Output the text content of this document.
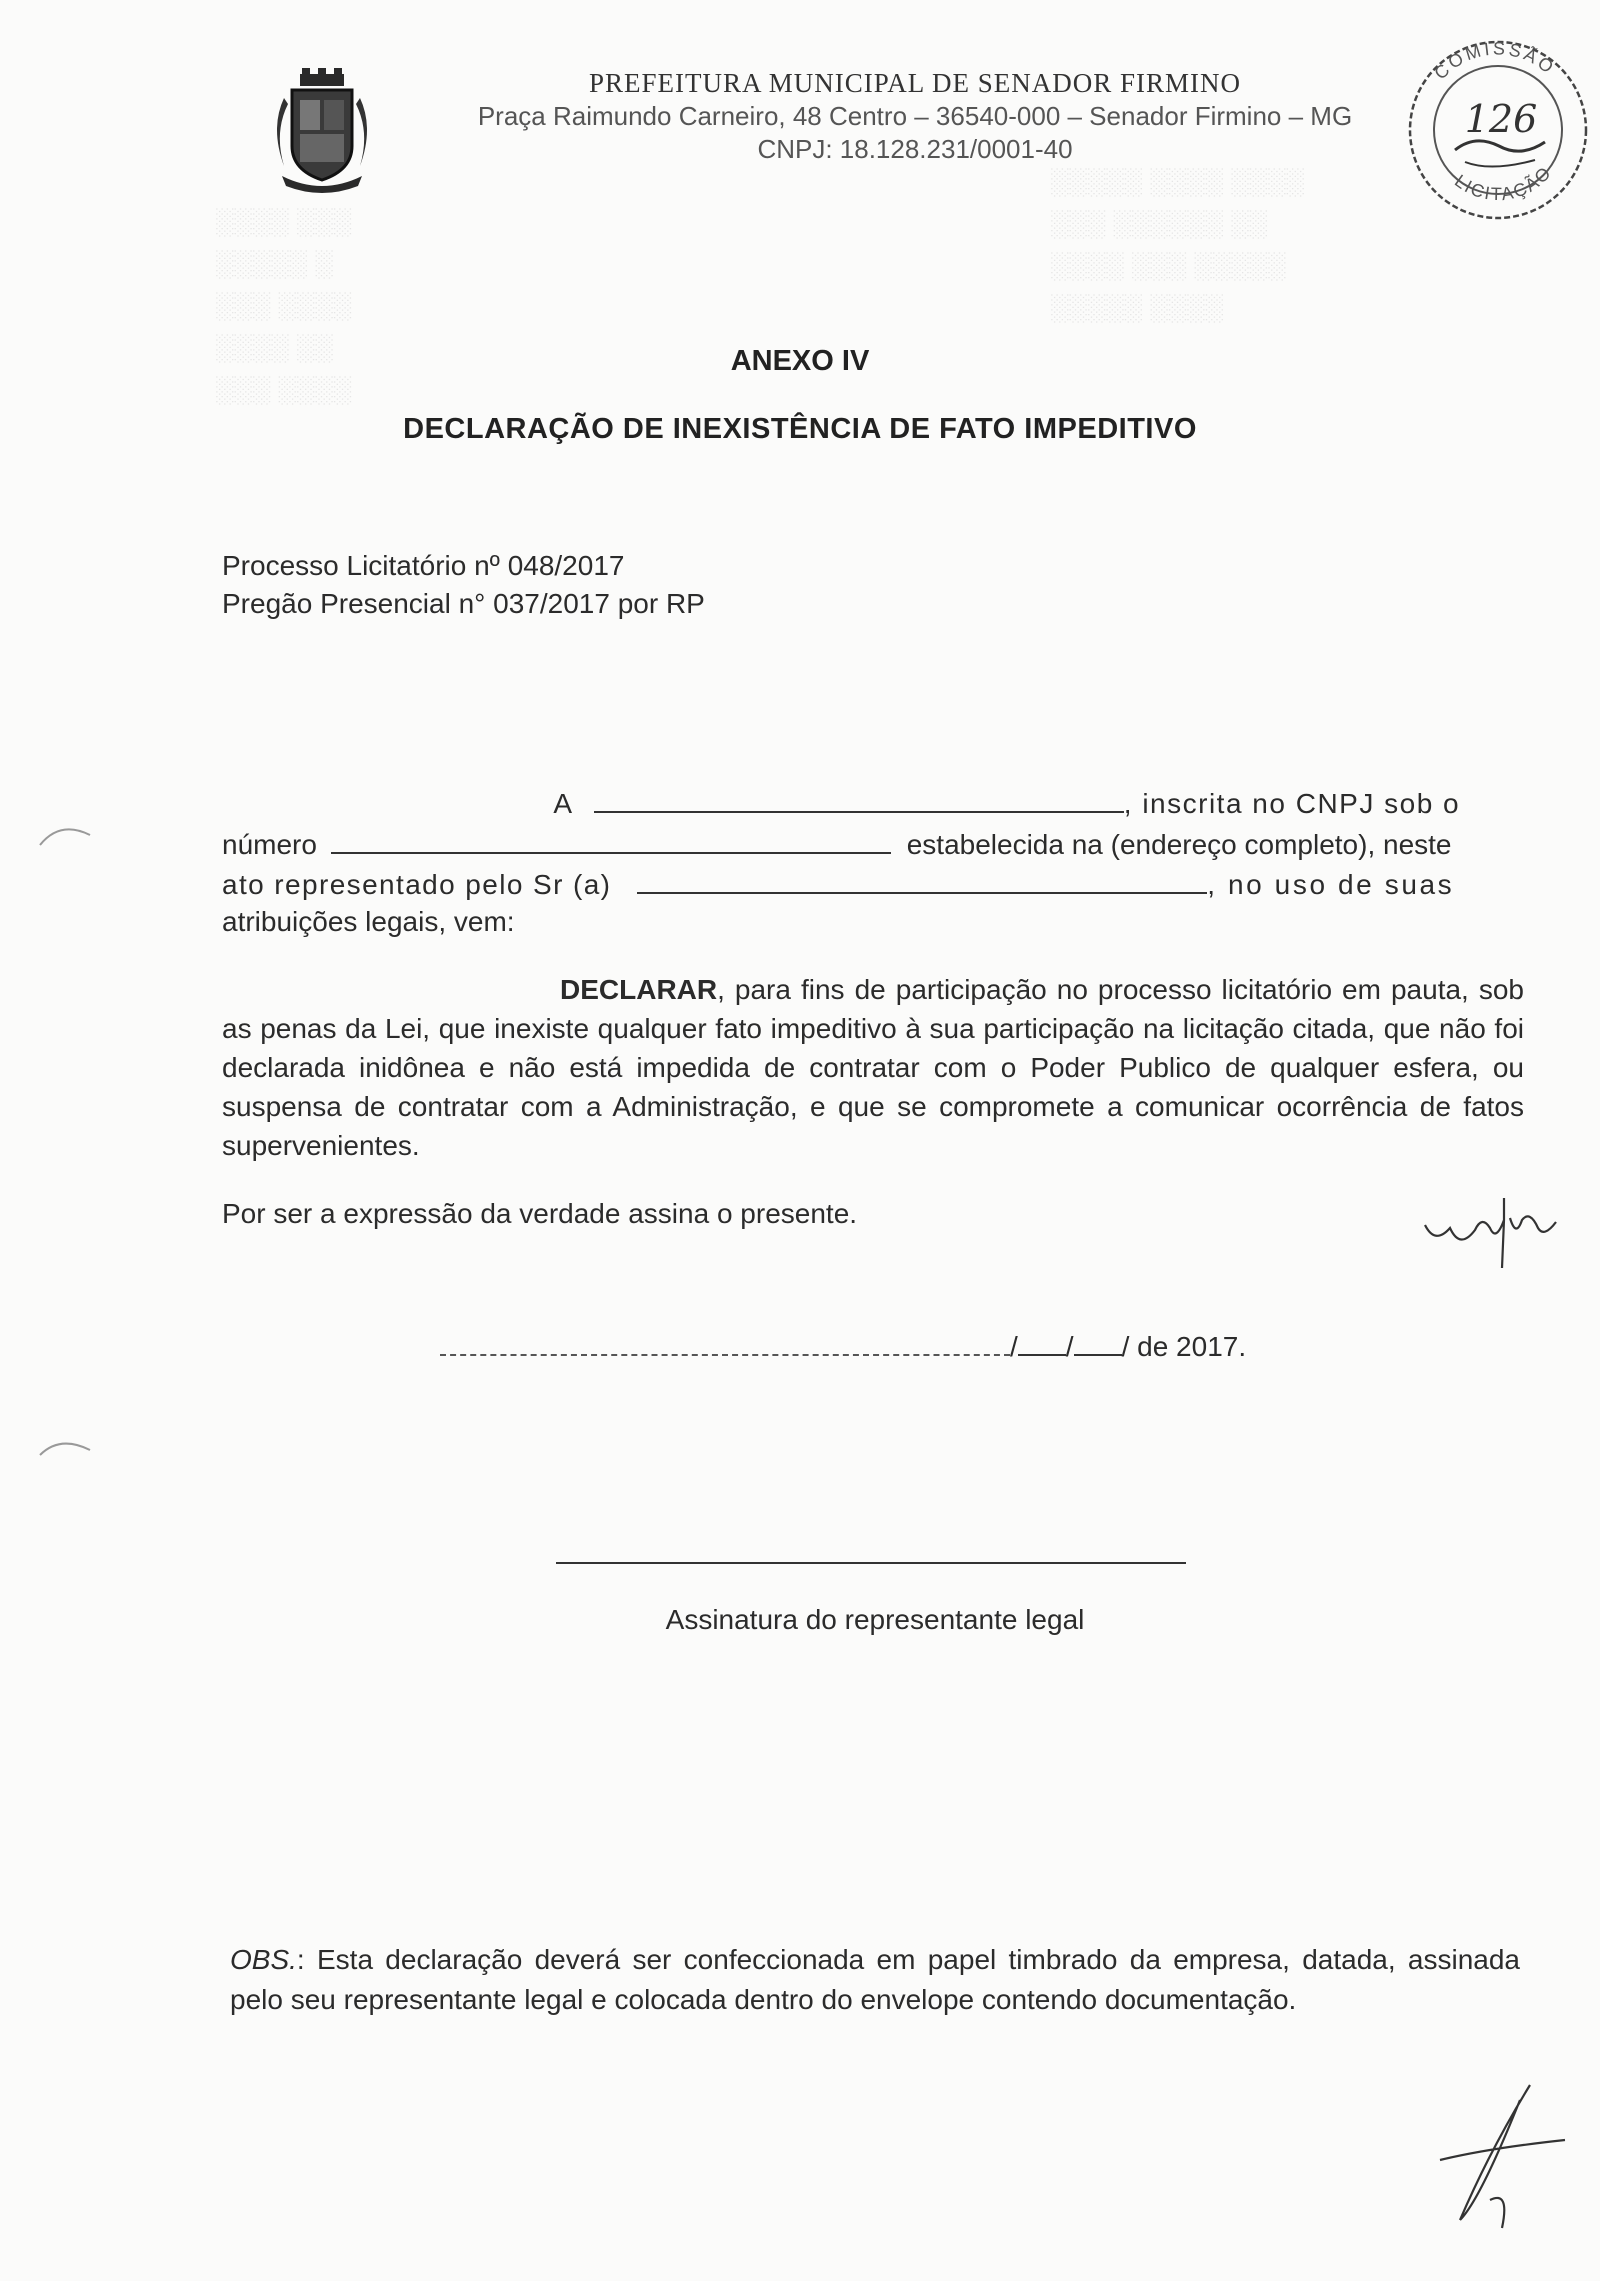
░░░░ ░░░
░░░░░ ░
░░░ ░░░░
░░░░ ░░
░░░ ░░░░
░░░░░ ░░░░ ░░░░
░░░ ░░░░░░ ░░
░░░░ ░░░ ░░░░░
░░░░░ ░░░░
PREFEITURA MUNICIPAL DE SENADOR FIRMINO
Praça Raimundo Carneiro, 48 Centro – 36540-000 – Senador Firmino – MG
CNPJ: 18.128.231/0001-40
COMISSÃO
LICITAÇÃO
126
ANEXO IV
DECLARAÇÃO DE INEXISTÊNCIA DE FATO IMPEDITIVO
Processo Licitatório nº 048/2017
Pregão Presencial n° 037/2017 por RP
A	, inscrita no CNPJ sob o
número	estabelecida na (endereço completo), neste
ato representado pelo Sr (a)	, no uso de suas
atribuições legais, vem:
DECLARAR, para fins de participação no processo licitatório em pauta, sob as penas da Lei, que inexiste qualquer fato impeditivo à sua participação na licitação citada, que não foi declarada inidônea e não está impedida de contratar com o Poder Publico de qualquer esfera, ou suspensa de contratar com a Administração, e que se compromete a comunicar ocorrência de fatos supervenientes.
Por ser a expressão da verdade assina o presente.
/ / / de 2017.
Assinatura do representante legal
OBS.: Esta declaração deverá ser confeccionada em papel timbrado da empresa, datada, assinada pelo seu representante legal e colocada dentro do envelope contendo documentação.
